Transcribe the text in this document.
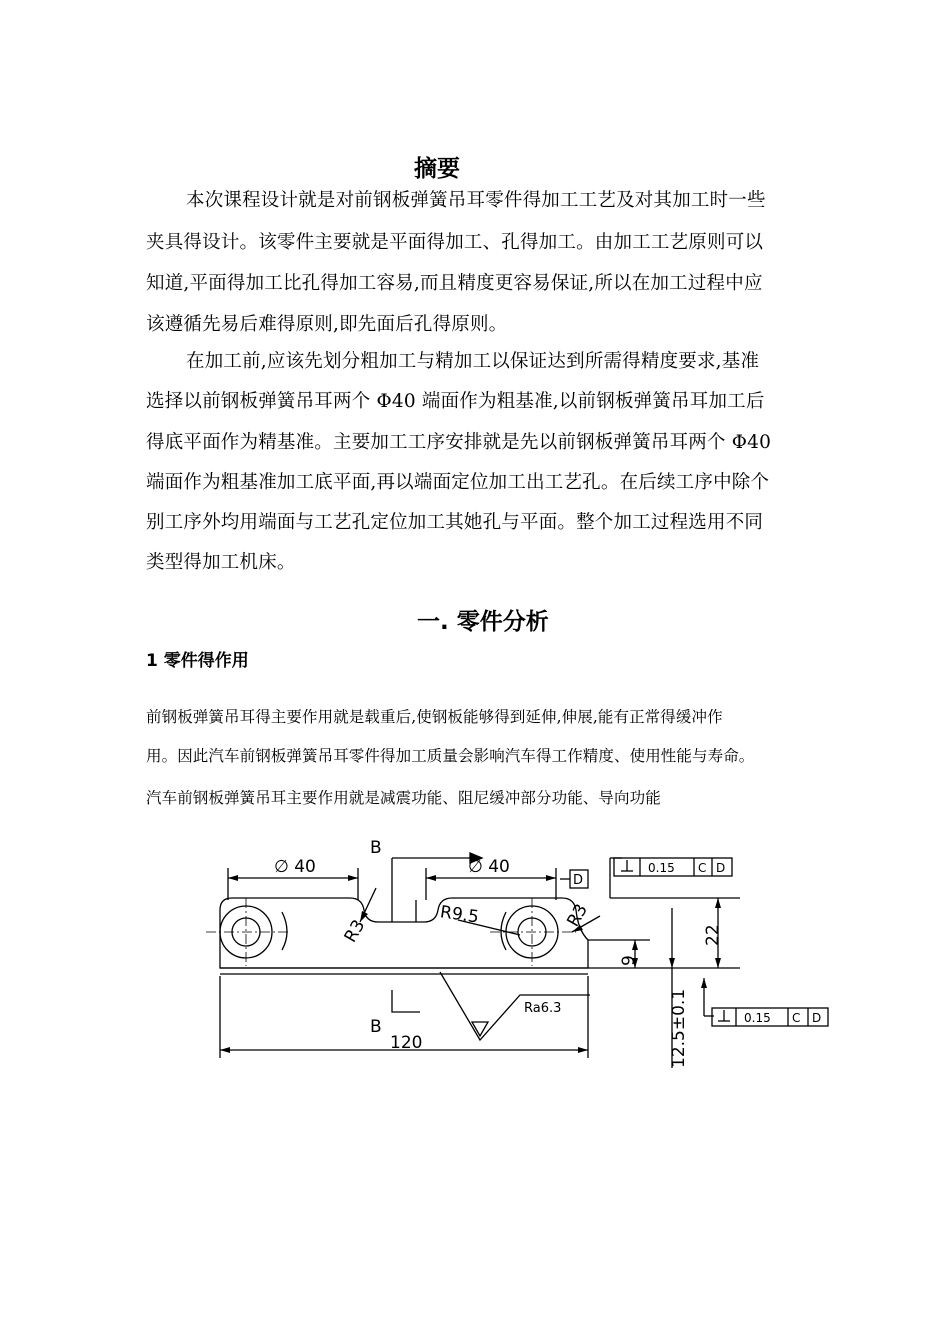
摘要
本次课程设计就是对前钢板弹簧吊耳零件得加工工艺及对其加工时一些
夹具得设计。该零件主要就是平面得加工、孔得加工。由加工工艺原则可以
知道,平面得加工比孔得加工容易,而且精度更容易保证,所以在加工过程中应
该遵循先易后难得原则,即先面后孔得原则。
在加工前,应该先划分粗加工与精加工以保证达到所需得精度要求,基准
选择以前钢板弹簧吊耳两个 Φ40 端面作为粗基准,以前钢板弹簧吊耳加工后
得底平面作为精基准。主要加工工序安排就是先以前钢板弹簧吊耳两个 Φ40
端面作为粗基准加工底平面,再以端面定位加工出工艺孔。在后续工序中除个
别工序外均用端面与工艺孔定位加工其她孔与平面。整个加工过程选用不同
类型得加工机床。
一. 零件分析
1 零件得作用
前钢板弹簧吊耳得主要作用就是载重后,使钢板能够得到延伸,伸展,能有正常得缓冲作
用。因此汽车前钢板弹簧吊耳零件得加工质量会影响汽车得工作精度、使用性能与寿命。
汽车前钢板弹簧吊耳主要作用就是减震功能、阻尼缓冲部分功能、导向功能
∅ 40	∅ 40
B
B
R3
R9.5	R3
120
22
9
12.5±0.1
D
Ra6.3
0.15 C D
0.15 C D
